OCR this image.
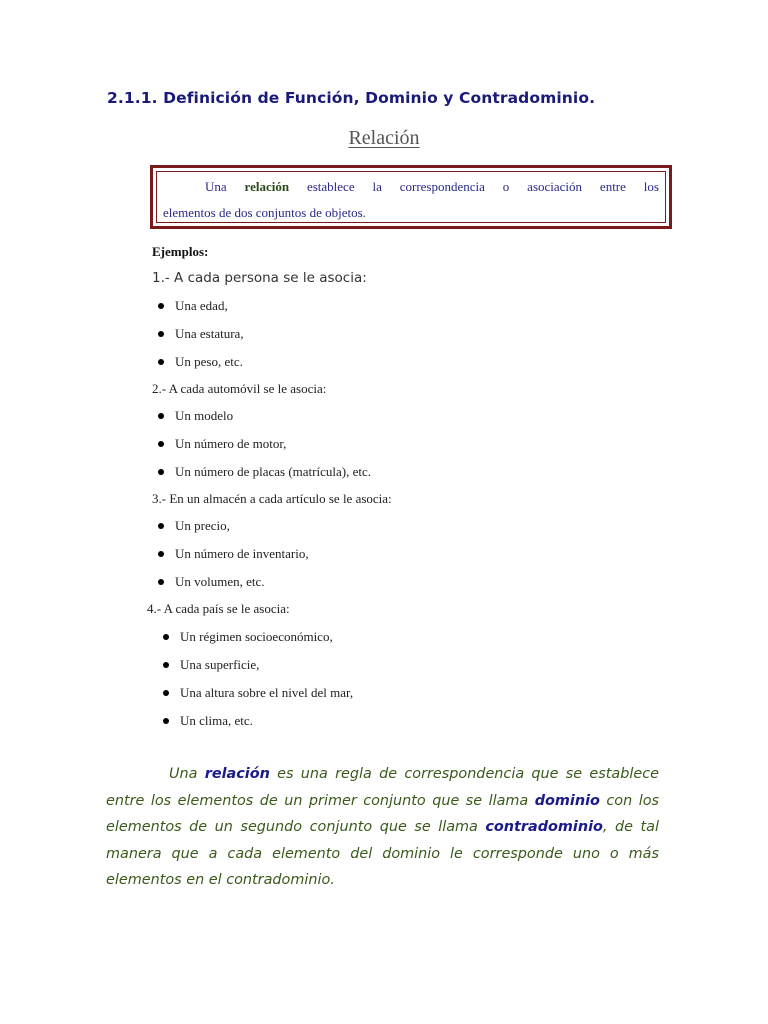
2.1.1. Definición de Función, Dominio y Contradominio.
Relación
Una relación establece la correspondencia o asociación entre los
elementos de dos conjuntos de objetos.
Ejemplos:
1.- A cada persona se le asocia:
Una edad,
Una estatura,
Un peso, etc.
2.- A cada automóvil se le asocia:
Un modelo
Un número de motor,
Un número de placas (matrícula), etc.
3.- En un almacén a cada artículo se le asocia:
Un precio,
Un número de inventario,
Un volumen, etc.
4.- A cada país se le asocia:
Un régimen socioeconómico,
Una superficie,
Una altura sobre el nivel del mar,
Un clima, etc.
Una relación es una regla de correspondencia que se establece entre los elementos de un primer conjunto que se llama dominio con los elementos de un segundo conjunto que se llama contradominio, de tal manera que a cada elemento del dominio le corresponde uno o más elementos en el contradominio.
